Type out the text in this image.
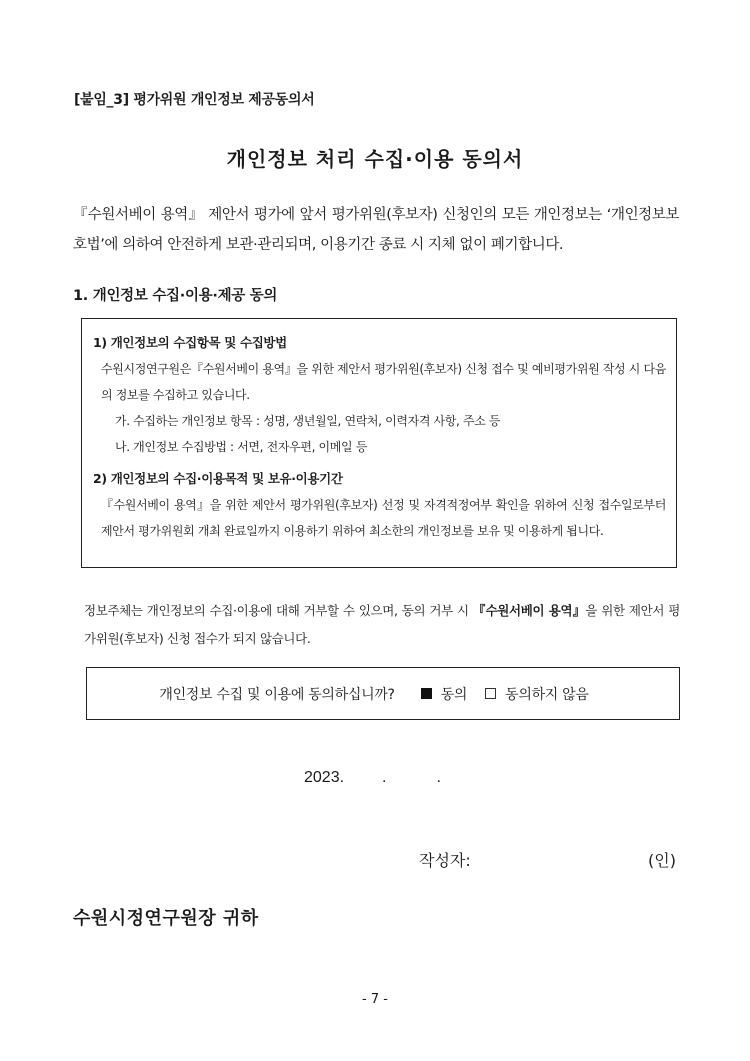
[붙임_3] 평가위원 개인정보 제공동의서
개인정보 처리 수집·이용 동의서
『수원서베이 용역』 제안서 평가에 앞서 평가위원(후보자) 신청인의 모든 개인정보는 ‘개인정보보호법’에 의하여 안전하게 보관·관리되며, 이용기간 종료 시 지체 없이 폐기합니다.
1. 개인정보 수집·이용·제공 동의
1) 개인정보의 수집항목 및 수집방법
수원시정연구원은『수원서베이 용역』을 위한 제안서 평가위원(후보자) 신청 접수 및 예비평가위원 작성 시 다음의 정보를 수집하고 있습니다.
가. 수집하는 개인정보 항목 : 성명, 생년월일, 연락처, 이력자격 사항, 주소 등
나. 개인정보 수집방법 : 서면, 전자우편, 이메일 등
2) 개인정보의 수집·이용목적 및 보유·이용기간
『수원서베이 용역』을 위한 제안서 평가위원(후보자) 선정 및 자격적정여부 확인을 위하여 신청 접수일로부터 제안서 평가위원회 개최 완료일까지 이용하기 위하여 최소한의 개인정보를 보유 및 이용하게 됩니다.
정보주체는 개인정보의 수집·이용에 대해 거부할 수 있으며, 동의 거부 시 『수원서베이 용역』을 위한 제안서 평가위원(후보자) 신청 접수가 되지 않습니다.
개인정보 수집 및 이용에 동의하십니까?	동의	동의하지 않음
2023. .	.
작성자:	(인)
수원시정연구원장 귀하
- 7 -
